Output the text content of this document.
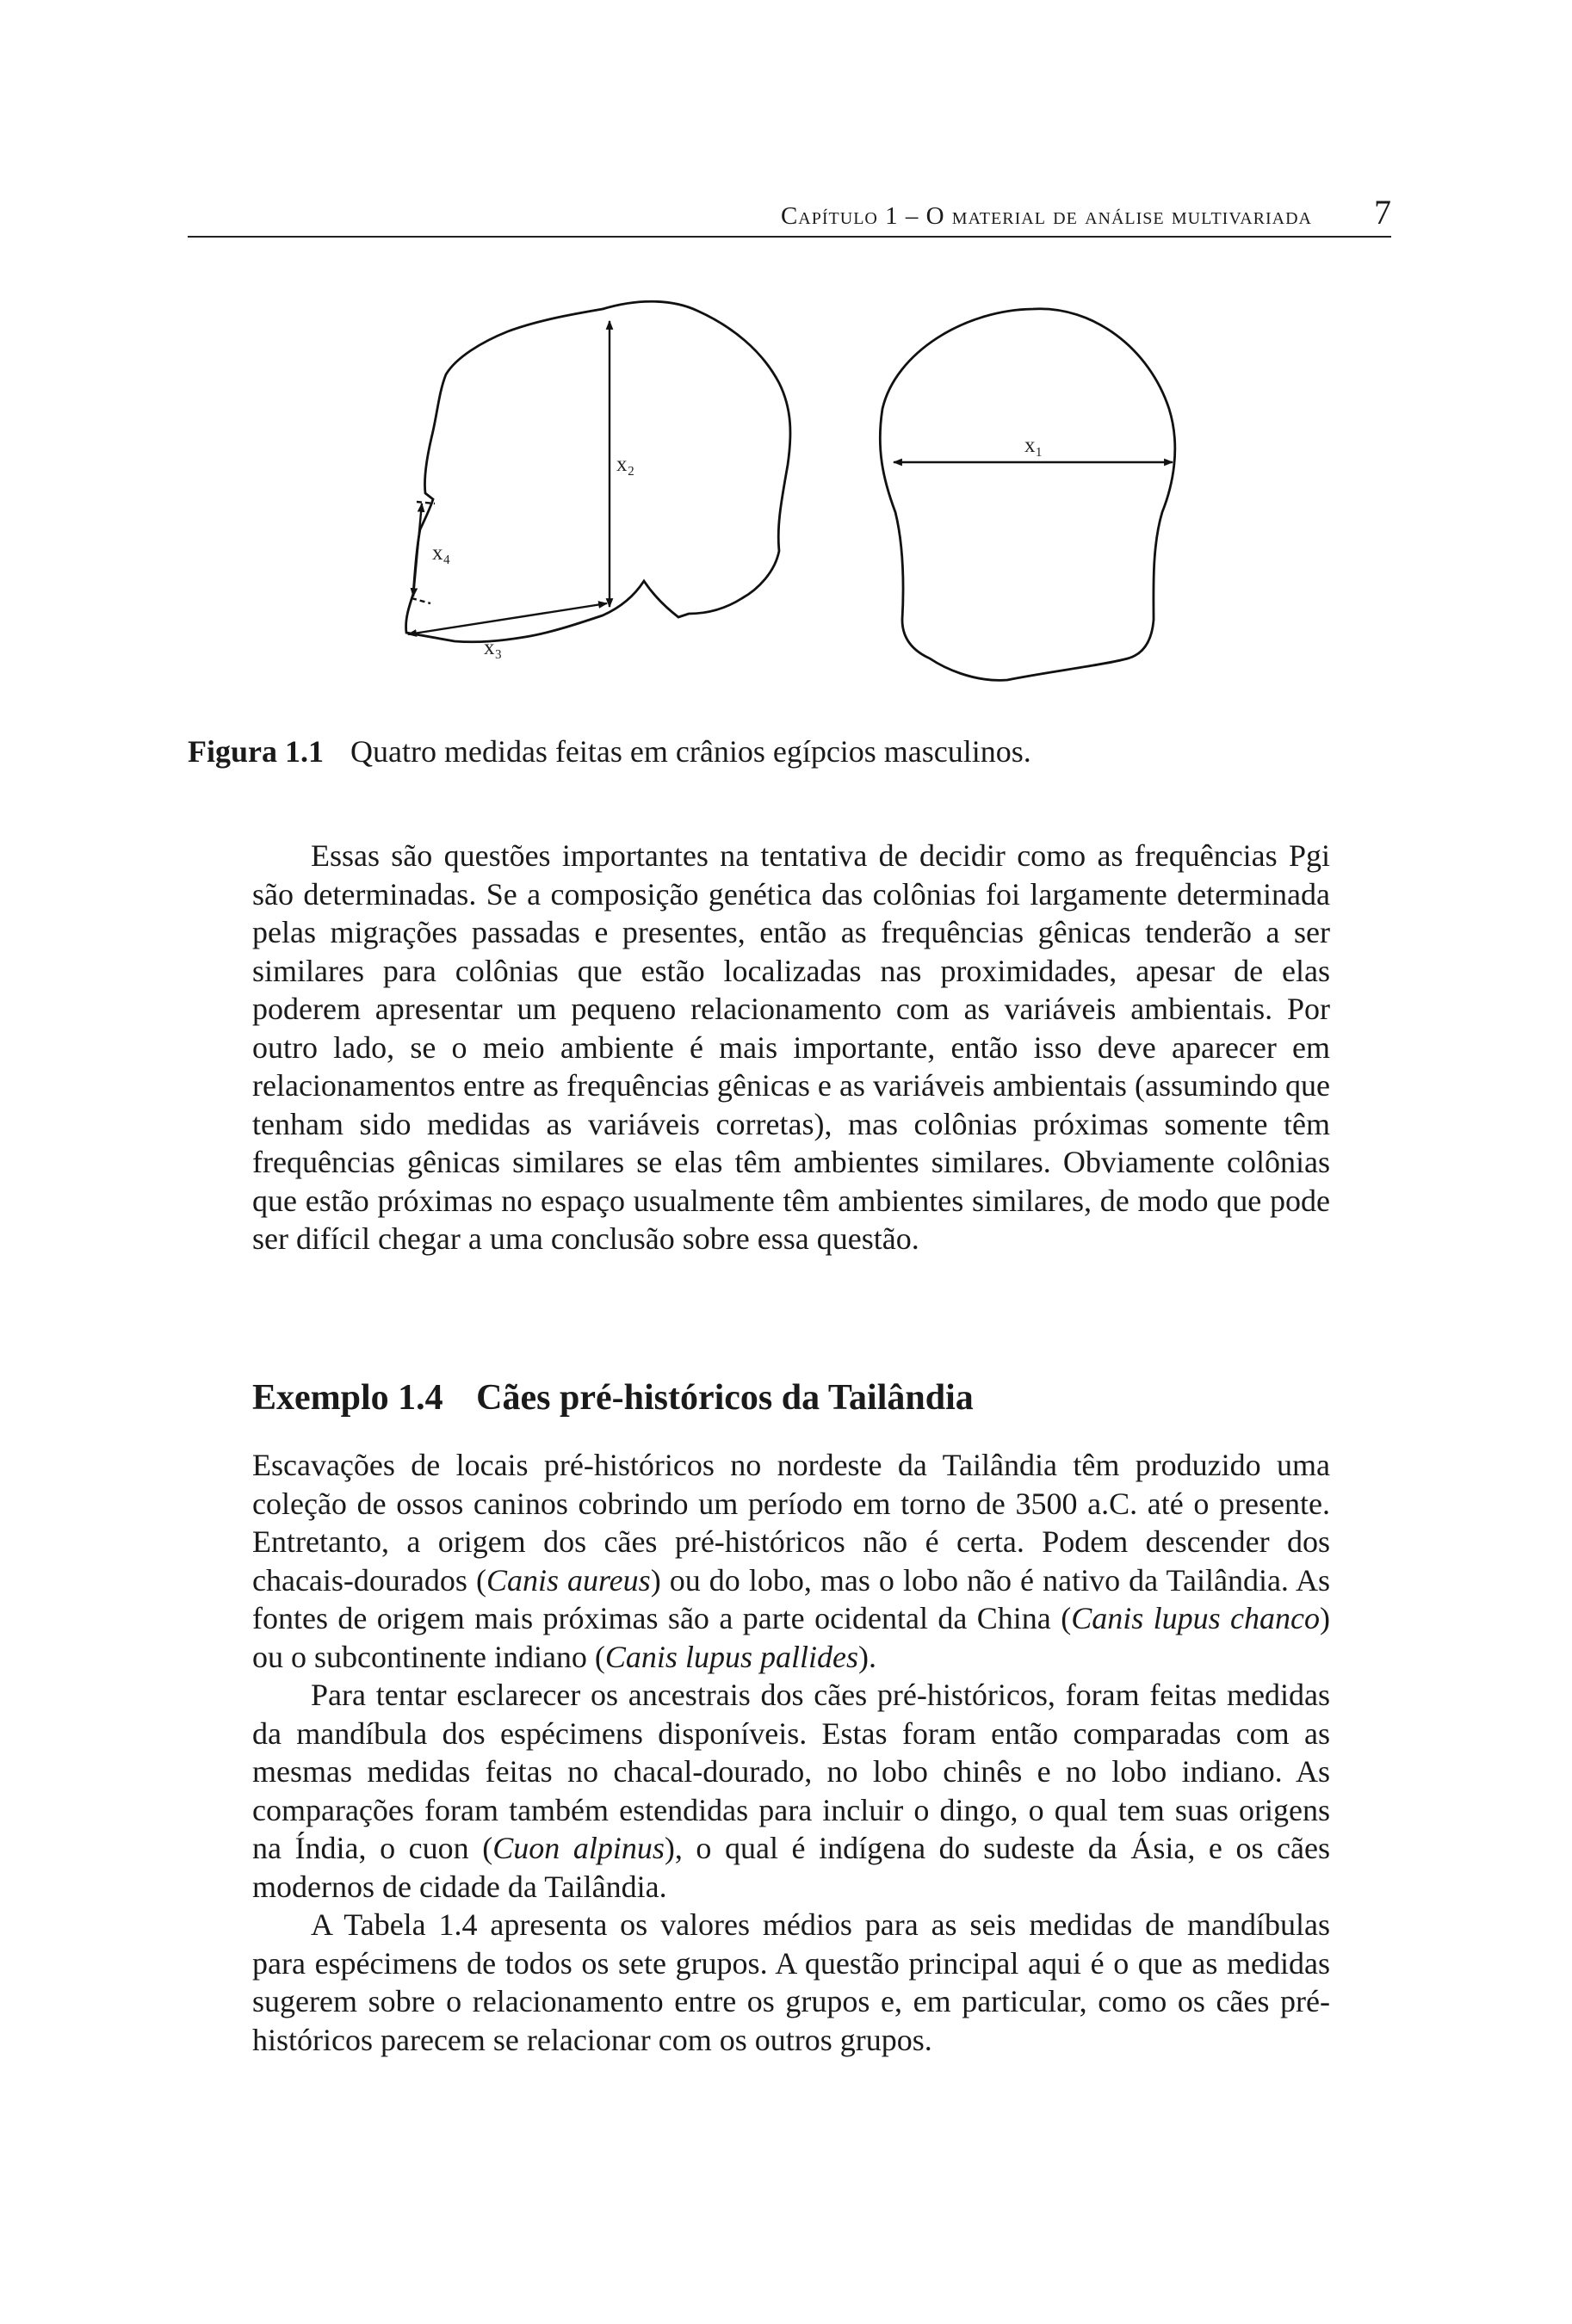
Capítulo 1 – O material de análise multivariada 7
x₂
x₄
x₃
x₁
Figura 1.1 Quatro medidas feitas em crânios egípcios masculinos.

Essas são questões importantes na tentativa de decidir como as frequências Pgi são determinadas. Se a composição genética das colônias foi largamente determinada pelas migrações passadas e presentes, então as frequências gênicas tenderão a ser similares para colônias que estão localizadas nas proximidades, apesar de elas poderem apresentar um pequeno relacionamento com as variáveis ambientais. Por outro lado, se o meio ambiente é mais importante, então isso deve aparecer em relacionamentos entre as frequências gênicas e as variáveis ambientais (assumindo que tenham sido medidas as variáveis corretas), mas colônias próximas somente têm frequências gênicas similares se elas têm ambientes similares. Obviamente colônias que estão próximas no espaço usualmente têm ambientes similares, de modo que pode ser difícil chegar a uma conclusão sobre essa questão.

Exemplo 1.4 Cães pré-históricos da Tailândia

Escavações de locais pré-históricos no nordeste da Tailândia têm produzido uma coleção de ossos caninos cobrindo um período em torno de 3500 a.C. até o presente. Entretanto, a origem dos cães pré-históricos não é certa. Podem descender dos chacais-dourados (Canis aureus) ou do lobo, mas o lobo não é nativo da Tailândia. As fontes de origem mais próximas são a parte ocidental da China (Canis lupus chanco) ou o subcontinente indiano (Canis lupus pallides).

Para tentar esclarecer os ancestrais dos cães pré-históricos, foram feitas medidas da mandíbula dos espécimens disponíveis. Estas foram então comparadas com as mesmas medidas feitas no chacal-dourado, no lobo chinês e no lobo indiano. As comparações foram também estendidas para incluir o dingo, o qual tem suas origens na Índia, o cuon (Cuon alpinus), o qual é indígena do sudeste da Ásia, e os cães modernos de cidade da Tailândia.

A Tabela 1.4 apresenta os valores médios para as seis medidas de mandíbulas para espécimens de todos os sete grupos. A questão principal aqui é o que as medidas sugerem sobre o relacionamento entre os grupos e, em particular, como os cães pré-históricos parecem se relacionar com os outros grupos.
